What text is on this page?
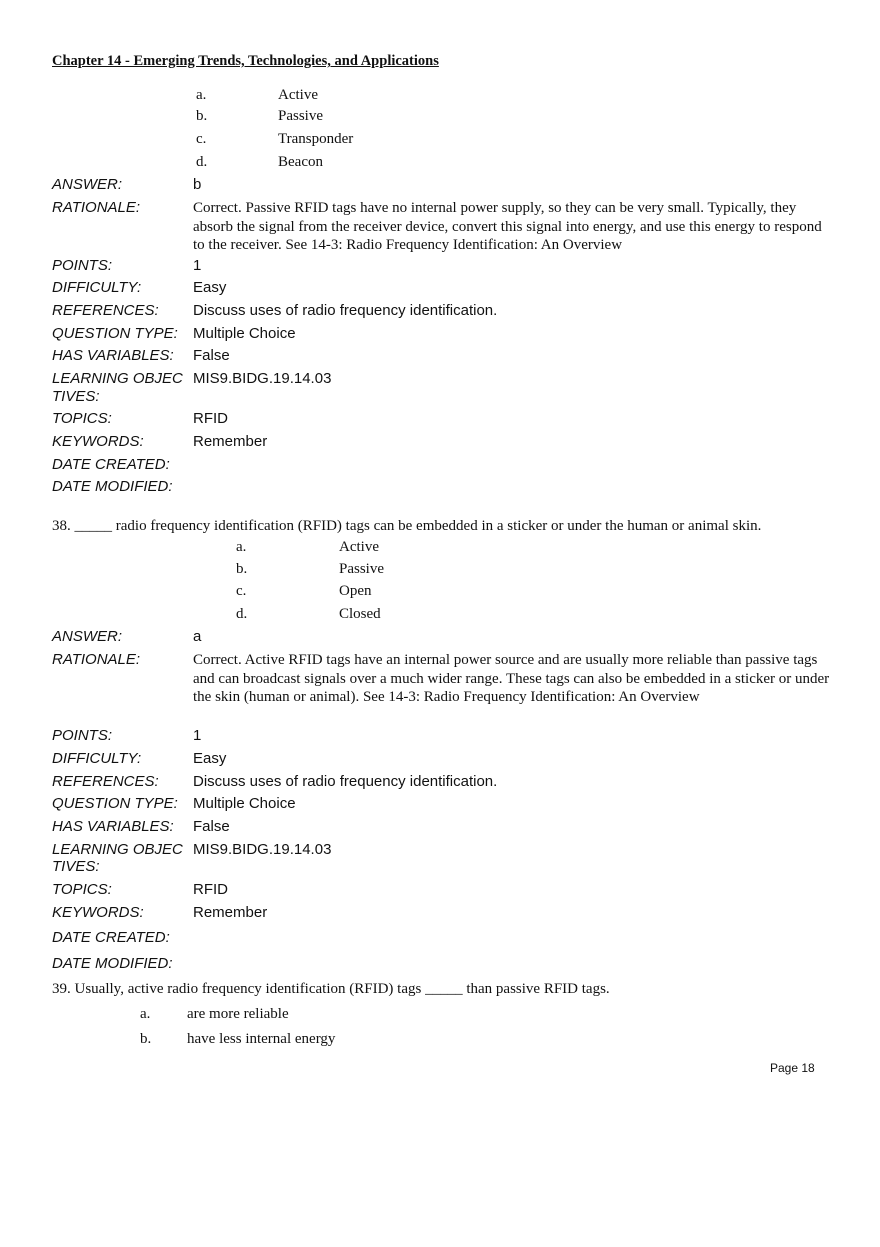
Chapter 14 - Emerging Trends, Technologies, and Applications
a.	Active
b.	Passive
c.	Transponder
d.	Beacon
ANSWER:	b
RATIONALE:	Correct. Passive RFID tags have no internal power supply, so they can be very small. Typically, they absorb the signal from the receiver device, convert this signal into energy, and use this energy to respond to the receiver. See 14-3: Radio Frequency Identification: An Overview
POINTS:	1
DIFFICULTY:	Easy
REFERENCES: Discuss uses of radio frequency identification.
QUESTION TYPE: Multiple Choice
HAS VARIABLES: False
LEARNING OBJEC MIS9.BIDG.19.14.03
TIVES:
TOPICS:	RFID
KEYWORDS:	Remember
DATE CREATED:
DATE MODIFIED:
38. _____ radio frequency identification (RFID) tags can be embedded in a sticker or under the human or animal skin.
a.	Active
b.	Passive
c.	Open
d.	Closed
ANSWER:	a
RATIONALE:	Correct. Active RFID tags have an internal power source and are usually more reliable than passive tags and can broadcast signals over a much wider range. These tags can also be embedded in a sticker or under the skin (human or animal). See 14-3: Radio Frequency Identification: An Overview
POINTS:	1
DIFFICULTY:	Easy
REFERENCES: Discuss uses of radio frequency identification.
QUESTION TYPE: Multiple Choice
HAS VARIABLES: False
LEARNING OBJEC MIS9.BIDG.19.14.03
TIVES:
TOPICS:	RFID
KEYWORDS:	Remember
DATE CREATED:
DATE MODIFIED:
39. Usually, active radio frequency identification (RFID) tags _____ than passive RFID tags.
a. are more reliable
b. have less internal energy
Page 18
